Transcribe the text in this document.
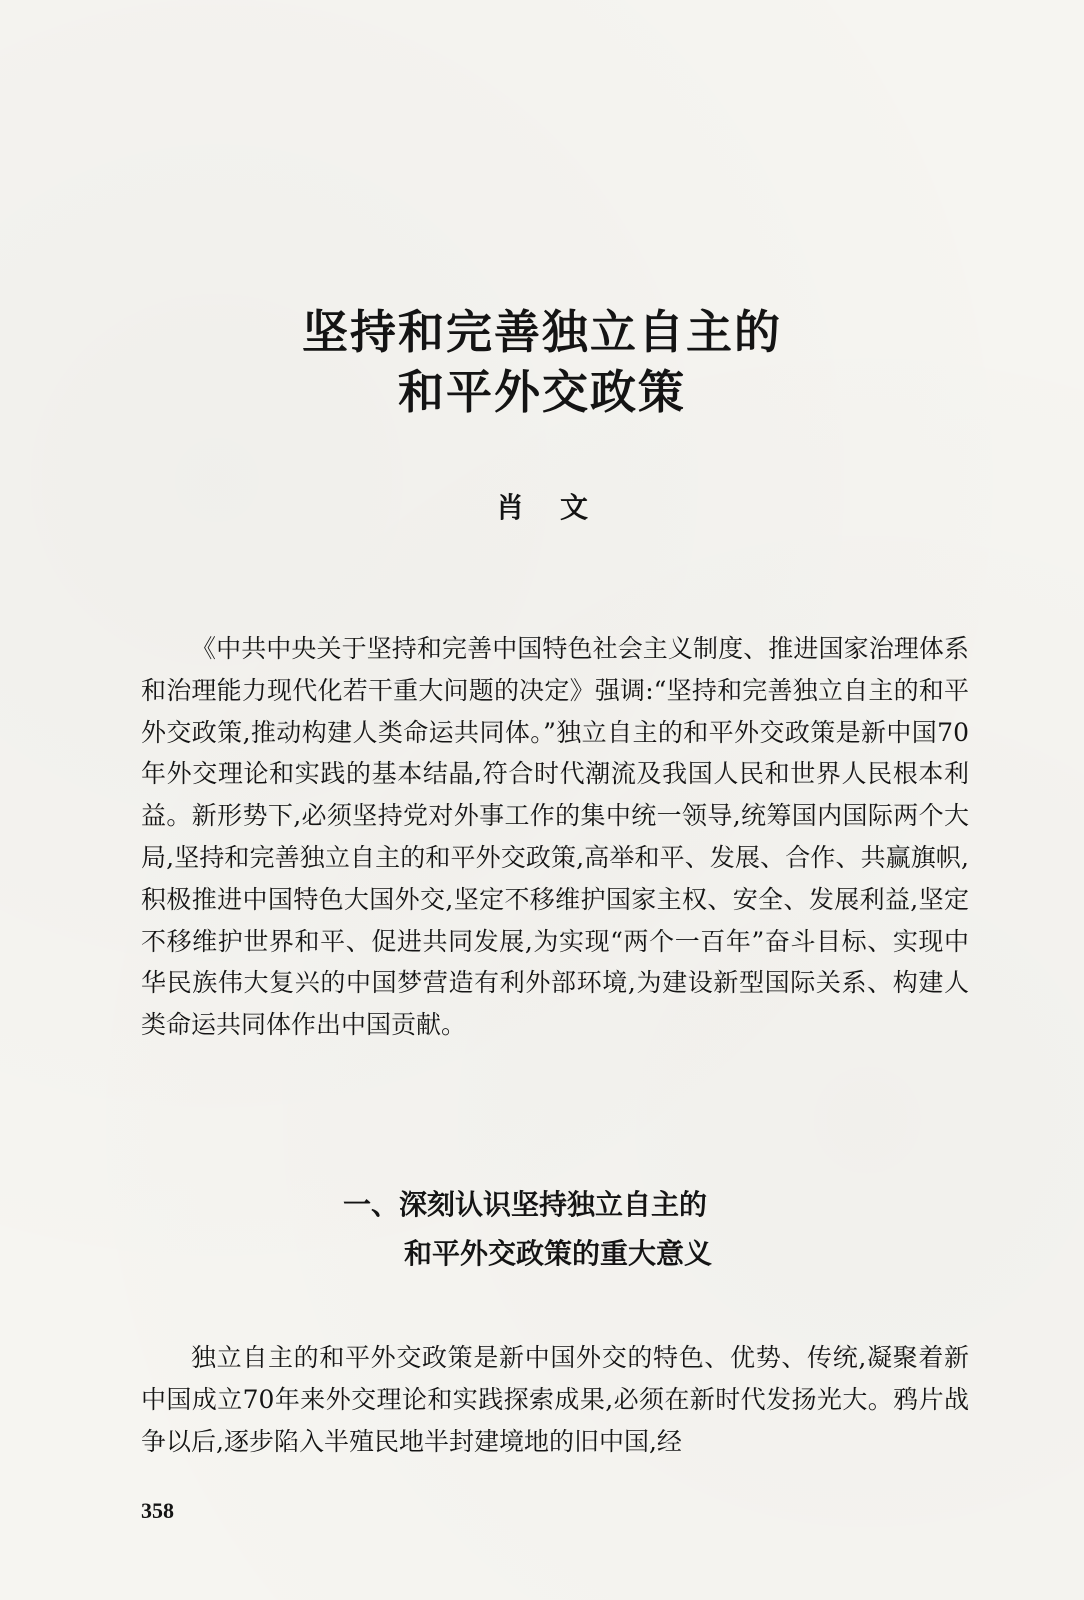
坚持和完善独立自主的
和平外交政策
肖文

《中共中央关于坚持和完善中国特色社会主义制度、推进国家治理体系和治理能力现代化若干重大问题的决定》强调:“坚持和完善独立自主的和平外交政策,推动构建人类命运共同体。”独立自主的和平外交政策是新中国70年外交理论和实践的基本结晶,符合时代潮流及我国人民和世界人民根本利益。新形势下,必须坚持党对外事工作的集中统一领导,统筹国内国际两个大局,坚持和完善独立自主的和平外交政策,高举和平、发展、合作、共赢旗帜,积极推进中国特色大国外交,坚定不移维护国家主权、安全、发展利益,坚定不移维护世界和平、促进共同发展,为实现“两个一百年”奋斗目标、实现中华民族伟大复兴的中国梦营造有利外部环境,为建设新型国际关系、构建人类命运共同体作出中国贡献。

一、深刻认识坚持独立自主的
和平外交政策的重大意义

独立自主的和平外交政策是新中国外交的特色、优势、传统,凝聚着新中国成立70年来外交理论和实践探索成果,必须在新时代发扬光大。鸦片战争以后,逐步陷入半殖民地半封建境地的旧中国,经

358
